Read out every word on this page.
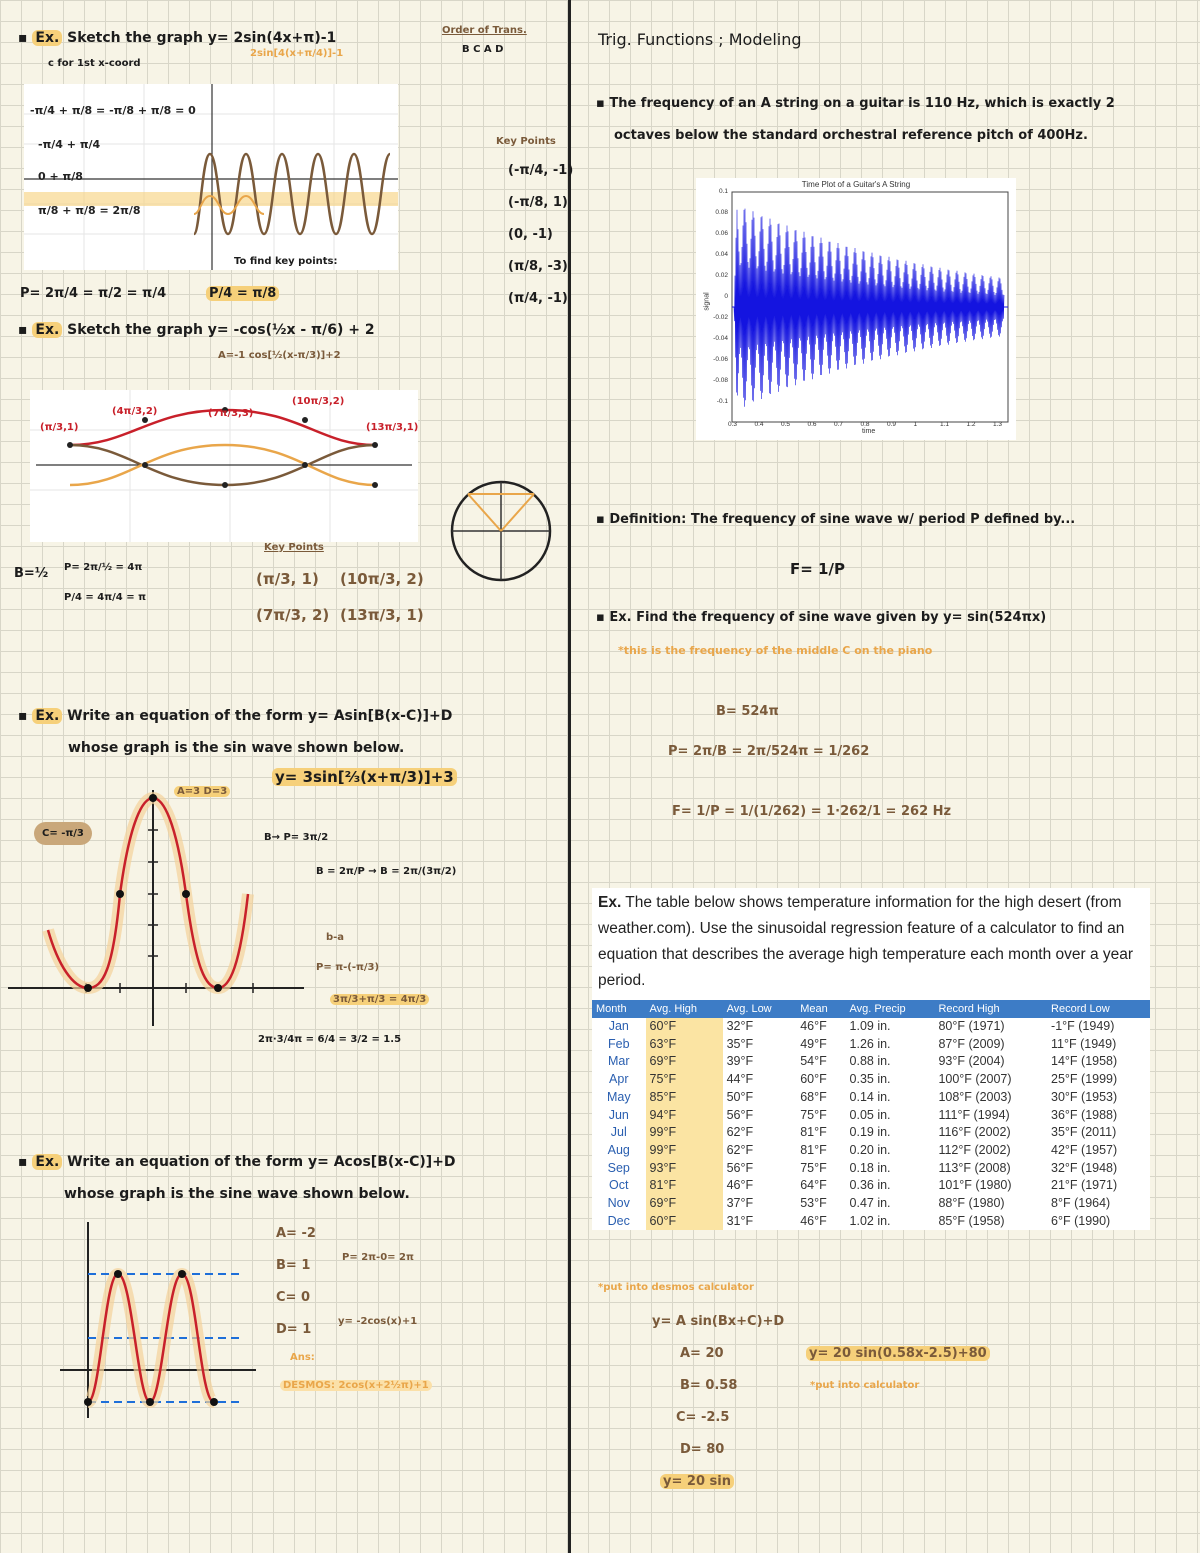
▪ Ex. Sketch the graph y= 2sin(4x+π)-1
c for 1st x-coord
2sin[4(x+π/4)]-1
Order of Trans.
B C A D
-π/4 + π/8 = -π/8 + π/8 = 0
-π/4 + π/4
0 + π/8
π/8 + π/8 = 2π/8
To find key points:
Key Points
(-π/4, -1)
(-π/8, 1)
(0, -1)
(π/8, -3)
(π/4, -1)
P= 2π/4 = π/2 = π/4	P/4 = π/8
▪ Ex. Sketch the graph y= -cos(½x - π/6) + 2
A=-1 cos[½(x-π/3)]+2
(π/3,1)
(4π/3,2)	(7π/3,3)
(10π/3,2)
(13π/3,1)
B=½ P= 2π/½ = 4π
P/4 = 4π/4 = π
Key Points
(π/3, 1) (10π/3, 2)
(7π/3, 2) (13π/3, 1)
▪ Ex. Write an equation of the form y= Asin[B(x-C)]+D
whose graph is the sin wave shown below.
y= 3sin[⅔(x+π/3)]+3
A=3 D=3
C= -π/3	B→ P= 3π/2
B = 2π/P → B = 2π/(3π/2)
b-a
P= π-(-π/3)
3π/3+π/3 = 4π/3
2π·3/4π = 6/4 = 3/2 = 1.5
▪ Ex. Write an equation of the form y= Acos[B(x-C)]+D
whose graph is the sine wave shown below.
A= -2
B= 1
C= 0
D= 1
P= 2π-0= 2π
y= -2cos(x)+1
Ans:
DESMOS: 2cos(x+2½π)+1
Trig. Functions ; Modeling
▪ The frequency of an A string on a guitar is 110 Hz, which is exactly 2
octaves below the standard orchestral reference pitch of 400Hz.
Time Plot of a Guitar's A String
signal
time
0.1
0.08
0.06
0.04
0.02
0
-0.02
-0.04
-0.06
-0.08
-0.1
0.3	0.4	0.5	0.6	0.7	0.8	0.9	1	1.1	1.2	1.3
▪ Definition: The frequency of sine wave w/ period P defined by...
F= 1/P
▪ Ex. Find the frequency of sine wave given by y= sin(524πx)
*this is the frequency of the middle C on the piano
B= 524π
P= 2π/B = 2π/524π = 1/262
F= 1/P = 1/(1/262) = 1·262/1 = 262 Hz
Ex. The table below shows temperature information for the high desert (from weather.com). Use the sinusoidal regression feature of a calculator to find an equation that describes the average high temperature each month over a year period.
Month	Avg. High	Avg. Low	Mean	Avg. Precip	Record High	Record Low
Jan	60°F	32°F	46°F	1.09 in.	80°F (1971)	-1°F (1949)
Feb	63°F	35°F	49°F	1.26 in.	87°F (2009)	11°F (1949)
Mar	69°F	39°F	54°F	0.88 in.	93°F (2004)	14°F (1958)
Apr	75°F	44°F	60°F	0.35 in.	100°F (2007)	25°F (1999)
May	85°F	50°F	68°F	0.14 in.	108°F (2003)	30°F (1953)
Jun	94°F	56°F	75°F	0.05 in.	111°F (1994)	36°F (1988)
Jul	99°F	62°F	81°F	0.19 in.	116°F (2002)	35°F (2011)
Aug	99°F	62°F	81°F	0.20 in.	112°F (2002)	42°F (1957)
Sep	93°F	56°F	75°F	0.18 in.	113°F (2008)	32°F (1948)
Oct	81°F	46°F	64°F	0.36 in.	101°F (1980)	21°F (1971)
Nov	69°F	37°F	53°F	0.47 in.	88°F (1980)	8°F (1964)
Dec	60°F	31°F	46°F	1.02 in.	85°F (1958)	6°F (1990)
*put into desmos calculator
y= A sin(Bx+C)+D
A= 20
B= 0.58
C= -2.5
D= 80
y= 20 sin
y= 20 sin(0.58x-2.5)+80
*put into calculator
